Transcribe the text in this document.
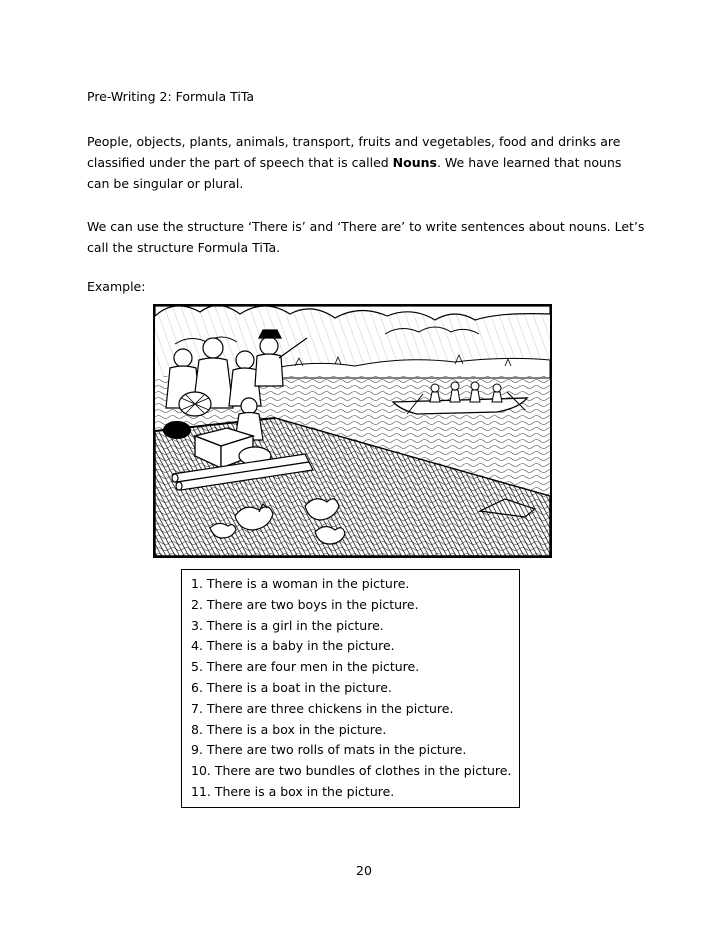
Pre-Writing 2: Formula TiTa
People, objects, plants, animals, transport, fruits and vegetables, food and drinks are classified under the part of speech that is called Nouns. We have learned that nouns can be singular or plural.
We can use the structure ‘There is’ and ‘There are’ to write sentences about nouns. Let’s call the structure Formula TiTa.
Example:
1. There is a woman in the picture.
2. There are two boys in the picture.
3. There is a girl in the picture.
4. There is a baby in the picture.
5. There are four men in the picture.
6. There is a boat in the picture.
7. There are three chickens in the picture.
8. There is a box in the picture.
9. There are two rolls of mats in the picture.
10. There are two bundles of clothes in the picture.
11. There is a box in the picture.
20
